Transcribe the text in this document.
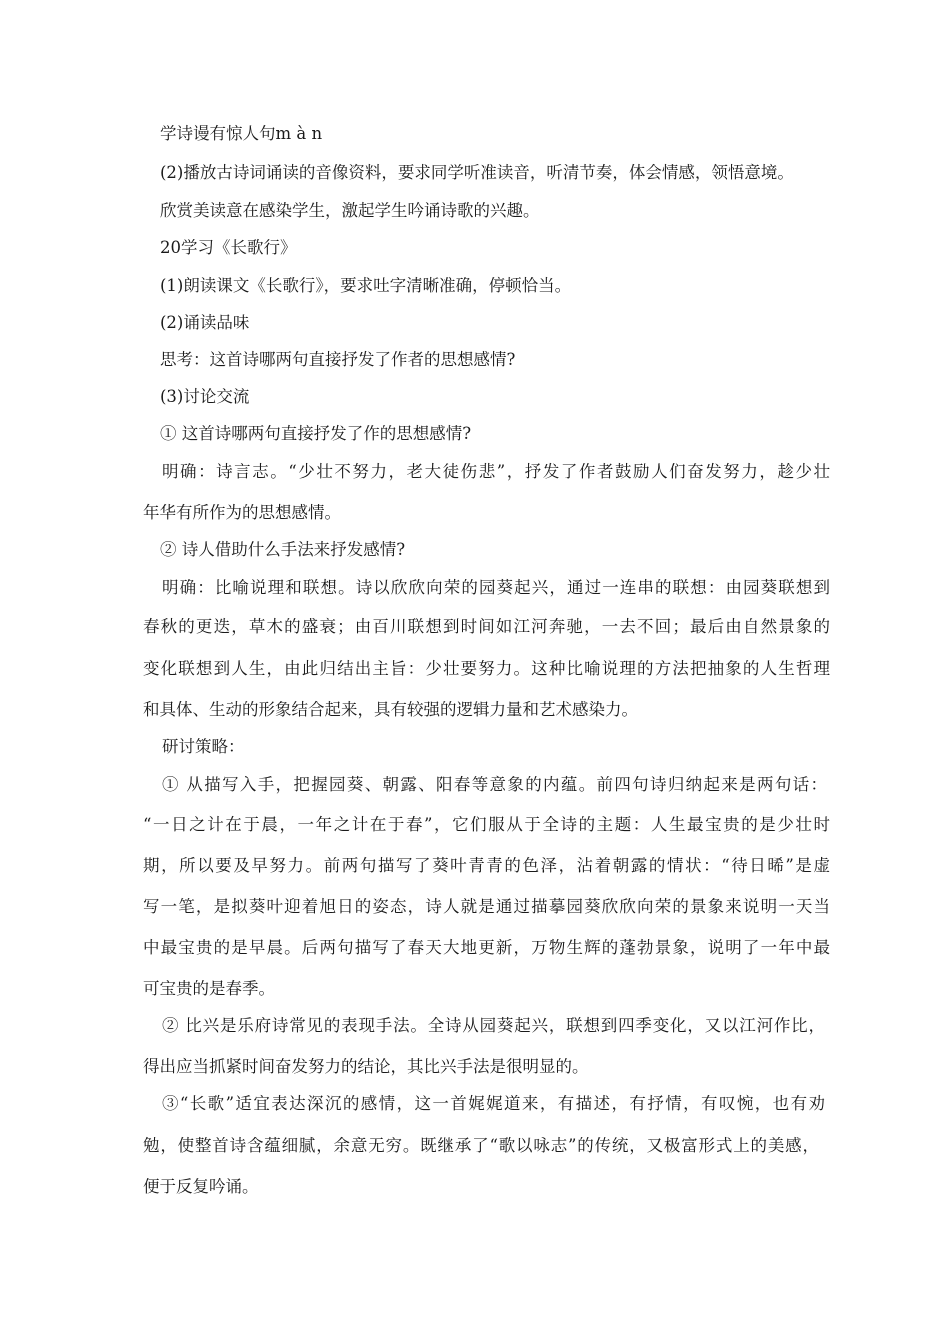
学诗谩有惊人句m à n
(2)播放古诗词诵读的音像资料，要求同学听准读音，听清节奏，体会情感，领悟意境。
欣赏美读意在感染学生，激起学生吟诵诗歌的兴趣。
20学习《长歌行》
(1)朗读课文《长歌行》，要求吐字清晰准确，停顿恰当。
(2)诵读品味
思考：这首诗哪两句直接抒发了作者的思想感情?
(3)讨论交流
① 这首诗哪两句直接抒发了作的思想感情?
明确：诗言志。“少壮不努力，老大徒伤悲”，抒发了作者鼓励人们奋发努力，趁少壮
年华有所作为的思想感情。
② 诗人借助什么手法来抒发感情?
明确：比喻说理和联想。诗以欣欣向荣的园葵起兴，通过一连串的联想：由园葵联想到
春秋的更迭，草木的盛衰；由百川联想到时间如江河奔驰，一去不回；最后由自然景象的
变化联想到人生，由此归结出主旨：少壮要努力。这种比喻说理的方法把抽象的人生哲理
和具体、生动的形象结合起来，具有较强的逻辑力量和艺术感染力。
研讨策略：
① 从描写入手，把握园葵、朝露、阳春等意象的内蕴。前四句诗归纳起来是两句话：
“一日之计在于晨，一年之计在于春”，它们服从于全诗的主题：人生最宝贵的是少壮时
期，所以要及早努力。前两句描写了葵叶青青的色泽，沾着朝露的情状：“待日晞”是虚
写一笔，是拟葵叶迎着旭日的姿态，诗人就是通过描摹园葵欣欣向荣的景象来说明一天当
中最宝贵的是早晨。后两句描写了春天大地更新，万物生辉的蓬勃景象，说明了一年中最
可宝贵的是春季。
② 比兴是乐府诗常见的表现手法。全诗从园葵起兴，联想到四季变化，又以江河作比，
得出应当抓紧时间奋发努力的结论，其比兴手法是很明显的。
③“长歌”适宜表达深沉的感情，这一首娓娓道来，有描述，有抒情，有叹惋，也有劝
勉，使整首诗含蕴细腻，余意无穷。既继承了“歌以咏志”的传统，又极富形式上的美感，
便于反复吟诵。
